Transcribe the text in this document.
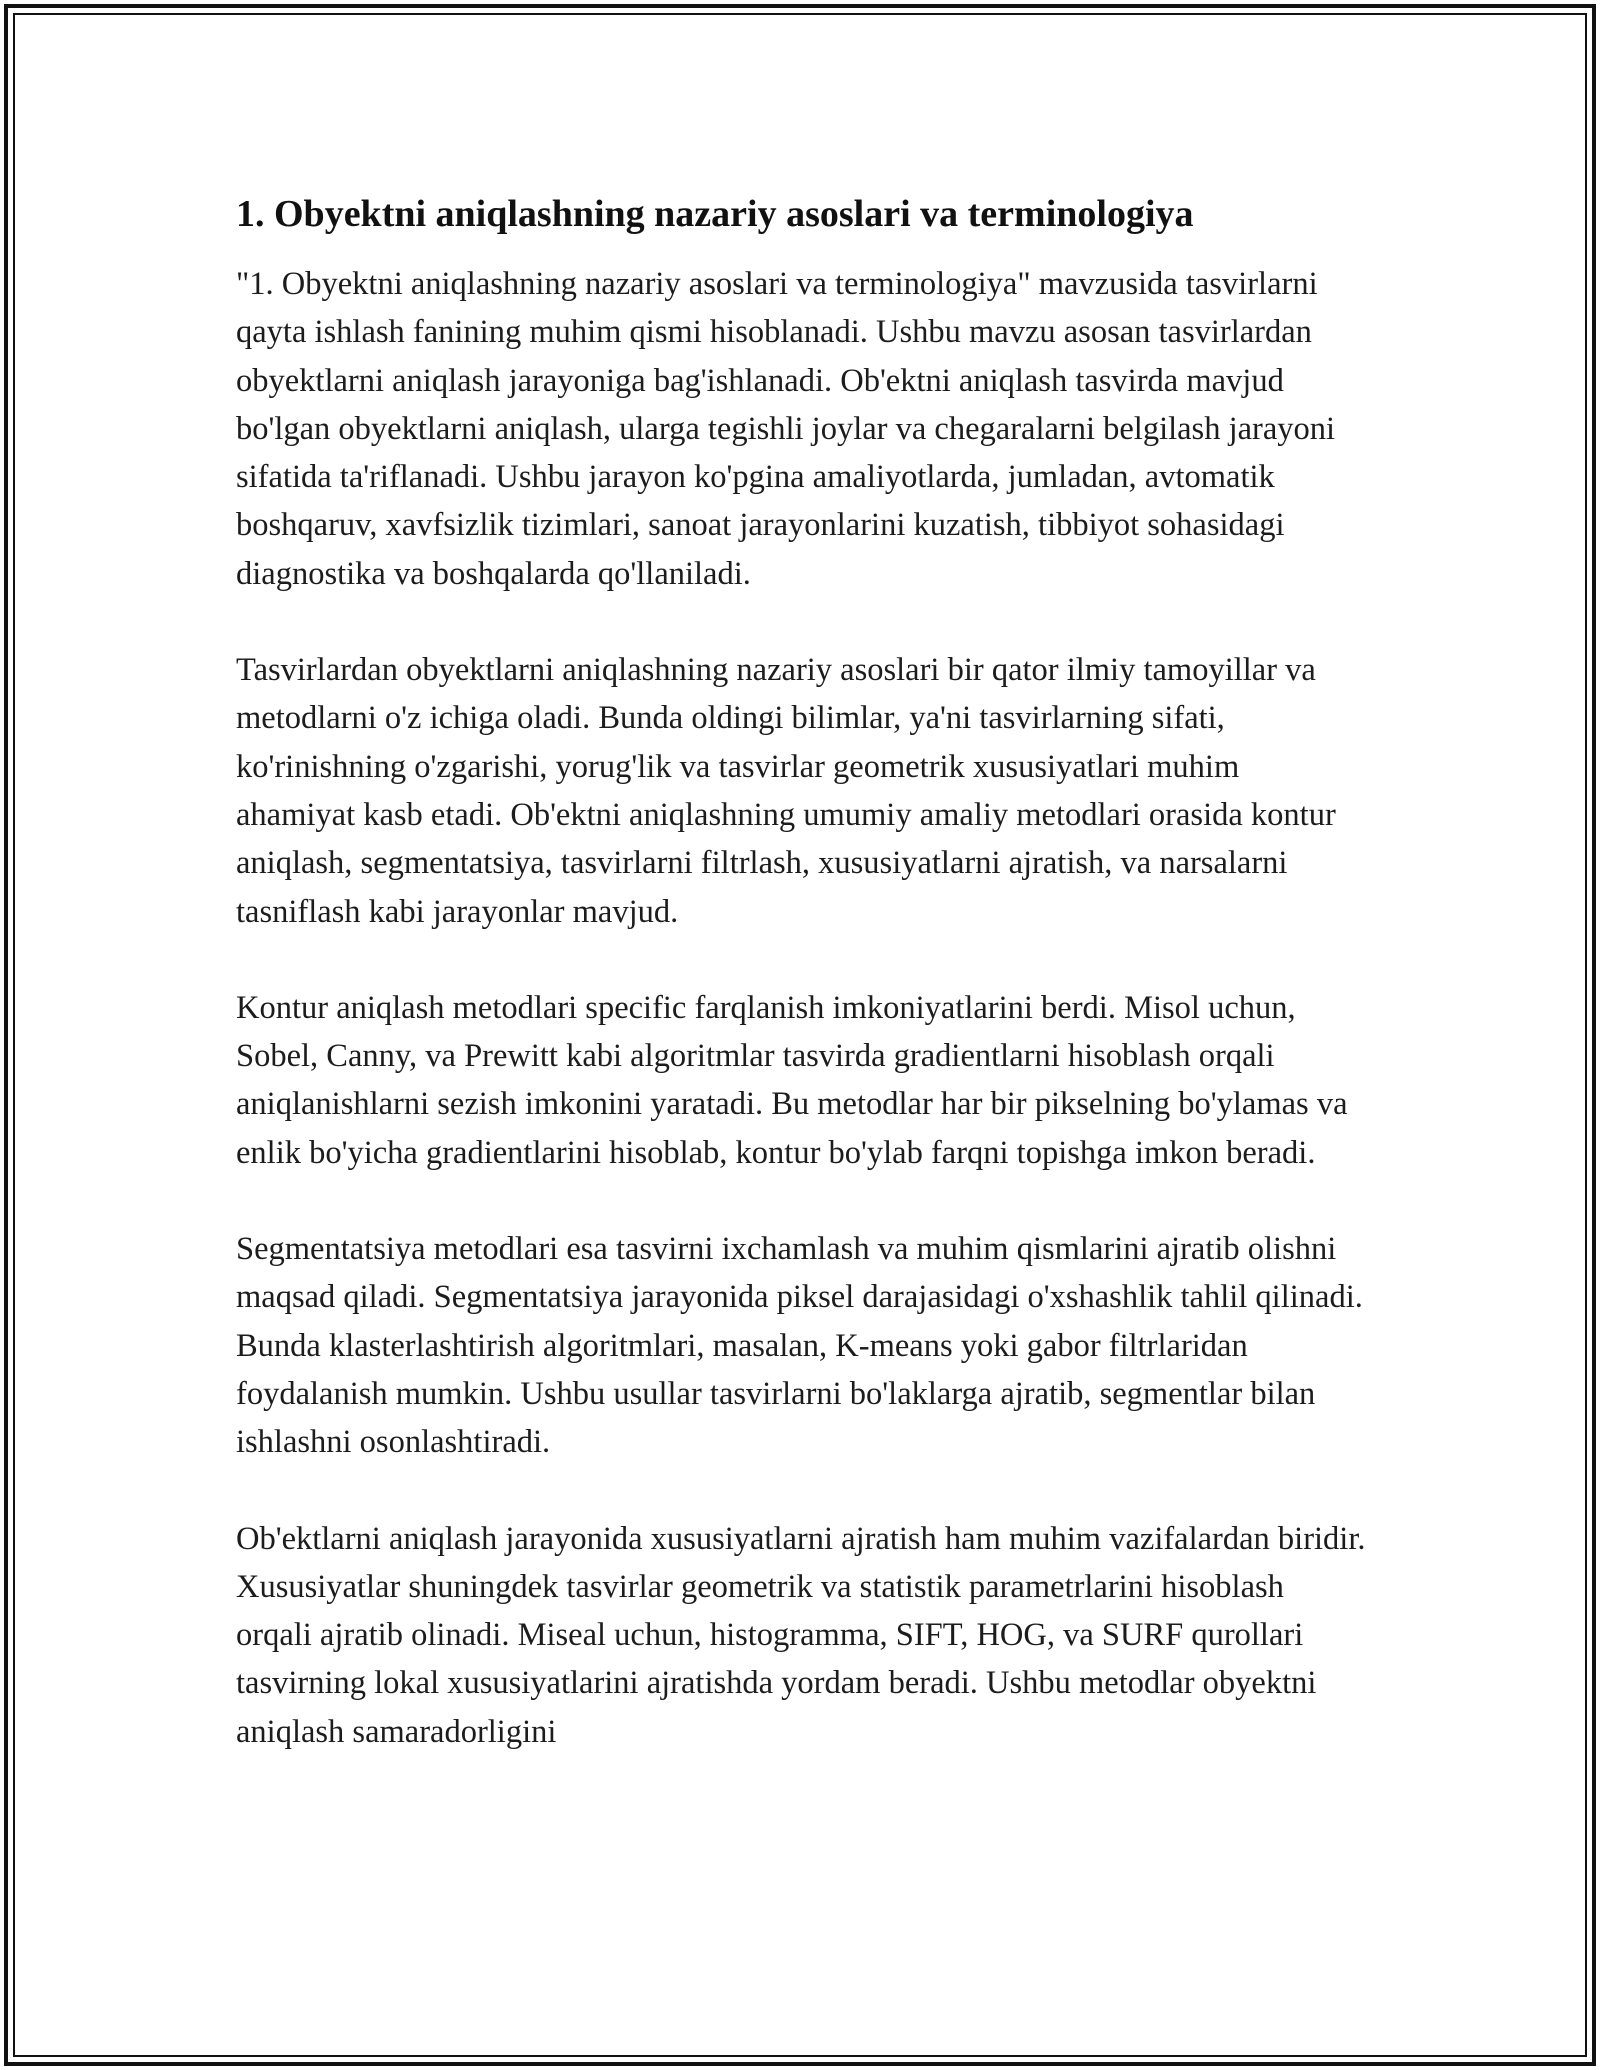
1. Obyektni aniqlashning nazariy asoslari va terminologiya

"1. Obyektni aniqlashning nazariy asoslari va terminologiya" mavzusida tasvirlarni qayta ishlash fanining muhim qismi hisoblanadi. Ushbu mavzu asosan tasvirlardan obyektlarni aniqlash jarayoniga bag'ishlanadi. Ob'ektni aniqlash tasvirda mavjud bo'lgan obyektlarni aniqlash, ularga tegishli joylar va chegaralarni belgilash jarayoni sifatida ta'riflanadi. Ushbu jarayon ko'pgina amaliyotlarda, jumladan, avtomatik boshqaruv, xavfsizlik tizimlari, sanoat jarayonlarini kuzatish, tibbiyot sohasidagi diagnostika va boshqalarda qo'llaniladi.

Tasvirlardan obyektlarni aniqlashning nazariy asoslari bir qator ilmiy tamoyillar va metodlarni o'z ichiga oladi. Bunda oldingi bilimlar, ya'ni tasvirlarning sifati, ko'rinishning o'zgarishi, yorug'lik va tasvirlar geometrik xususiyatlari muhim ahamiyat kasb etadi. Ob'ektni aniqlashning umumiy amaliy metodlari orasida kontur aniqlash, segmentatsiya, tasvirlarni filtrlash, xususiyatlarni ajratish, va narsalarni tasniflash kabi jarayonlar mavjud.

Kontur aniqlash metodlari specific farqlanish imkoniyatlarini berdi. Misol uchun, Sobel, Canny, va Prewitt kabi algoritmlar tasvirda gradientlarni hisoblash orqali aniqlanishlarni sezish imkonini yaratadi. Bu metodlar har bir pikselning bo'ylamas va enlik bo'yicha gradientlarini hisoblab, kontur bo'ylab farqni topishga imkon beradi.

Segmentatsiya metodlari esa tasvirni ixchamlash va muhim qismlarini ajratib olishni maqsad qiladi. Segmentatsiya jarayonida piksel darajasidagi o'xshashlik tahlil qilinadi. Bunda klasterlashtirish algoritmlari, masalan, K-means yoki gabor filtrlaridan foydalanish mumkin. Ushbu usullar tasvirlarni bo'laklarga ajratib, segmentlar bilan ishlashni osonlashtiradi.

Ob'ektlarni aniqlash jarayonida xususiyatlarni ajratish ham muhim vazifalardan biridir. Xususiyatlar shuningdek tasvirlar geometrik va statistik parametrlarini hisoblash orqali ajratib olinadi. Miseal uchun, histogramma, SIFT, HOG, va SURF qurollari tasvirning lokal xususiyatlarini ajratishda yordam beradi. Ushbu metodlar obyektni aniqlash samaradorligini
